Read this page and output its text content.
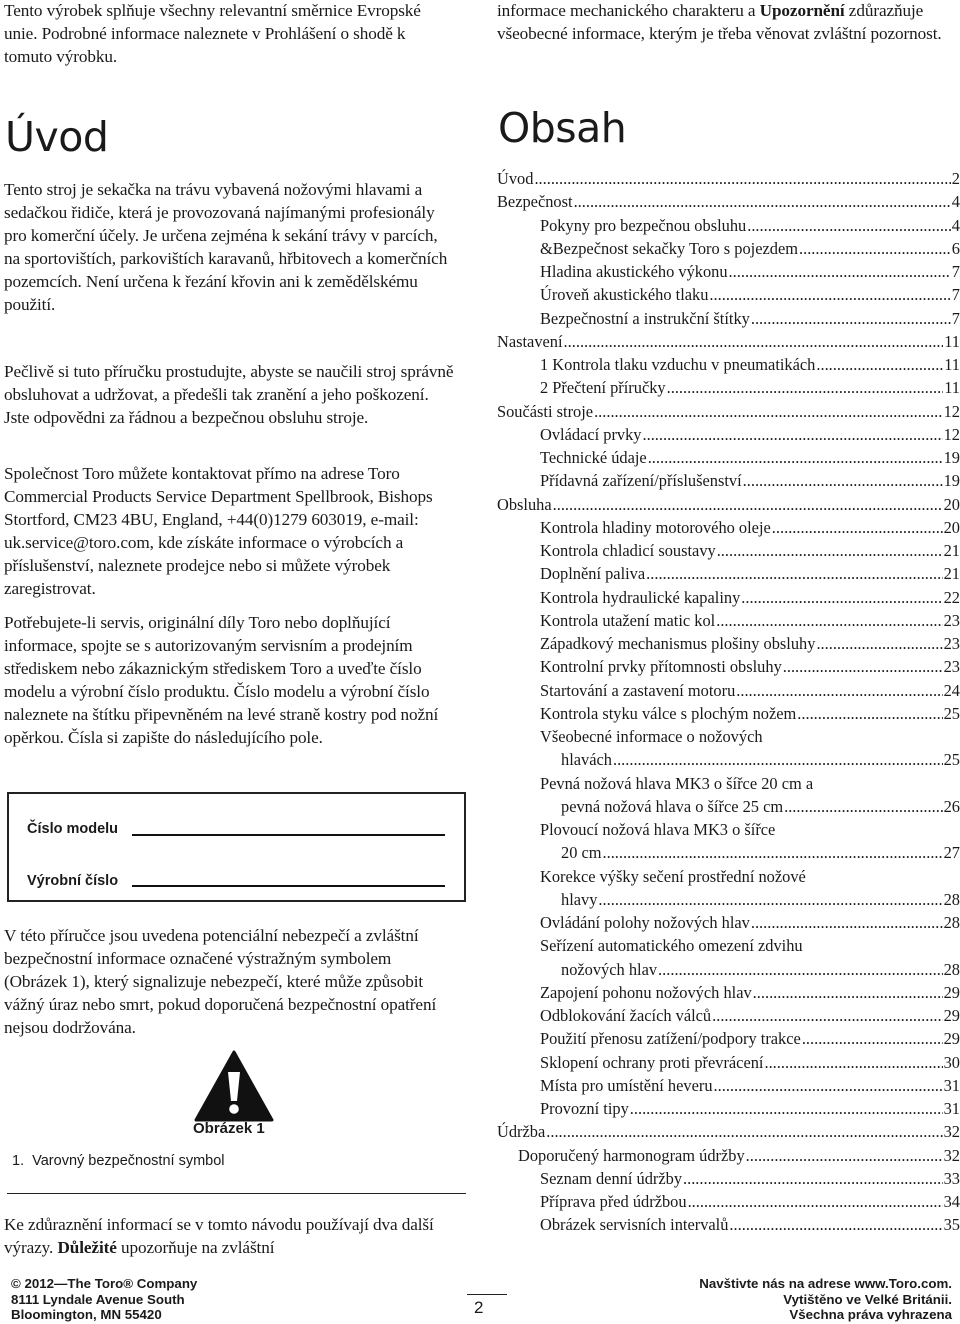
Tento výrobek splňuje všechny relevantní směrnice Evropské unie. Podrobné informace naleznete v Prohlášení o shodě k tomuto výrobku.

Úvod

Tento stroj je sekačka na trávu vybavená nožovými hlavami a sedačkou řidiče, která je provozovaná najímanými profesionály pro komerční účely. Je určena zejména k sekání trávy v parcích, na sportovištích, parkovištích karavanů, hřbitovech a komerčních pozemcích. Není určena k řezání křovin ani k zemědělskému použití.

Pečlivě si tuto příručku prostudujte, abyste se naučili stroj správně obsluhovat a udržovat, a předešli tak zranění a jeho poškození. Jste odpovědni za řádnou a bezpečnou obsluhu stroje.

Společnost Toro můžete kontaktovat přímo na adrese Toro Commercial Products Service Department Spellbrook, Bishops Stortford, CM23 4BU, England, +44(0)1279 603019, e-mail: uk.service@toro.com, kde získáte informace o výrobcích a příslušenství, naleznete prodejce nebo si můžete výrobek zaregistrovat.

Potřebujete-li servis, originální díly Toro nebo doplňující informace, spojte se s autorizovaným servisním a prodejním střediskem nebo zákaznickým střediskem Toro a uveďte číslo modelu a výrobní číslo produktu. Číslo modelu a výrobní číslo naleznete na štítku připevněném na levé straně kostry pod nožní opěrkou. Čísla si zapište do následujícího pole.

V této příručce jsou uvedena potenciální nebezpečí a zvláštní bezpečnostní informace označené výstražným symbolem (Obrázek 1), který signalizuje nebezpečí, které může způsobit vážný úraz nebo smrt, pokud doporučená bezpečnostní opatření nejsou dodržována.

Číslo modelu
Výrobní číslo
Obrázek 1
1.  Varovný bezpečnostní symbol

Ke zdůraznění informací se v tomto návodu používají dva další výrazy. Důležité upozorňuje na zvláštní

informace mechanického charakteru a Upozornění zdůrazňuje všeobecné informace, kterým je třeba věnovat zvláštní pozornost.

Obsah
Úvod .....	2
Bezpečnost .....	4
Pokyny pro bezpečnou obsluhu .....	4
&Bezpečnost sekačky Toro s pojezdem .....	6
Hladina akustického výkonu .....	7
Úroveň akustického tlaku .....	7
Bezpečnostní a instrukční štítky .....	7
Nastavení .....	11
1 Kontrola tlaku vzduchu v pneumatikách .....	11
2 Přečtení příručky .....	11
Součásti stroje .....	12
Ovládací prvky .....	12
Technické údaje .....	19
Přídavná zařízení/příslušenství .....	19
Obsluha .....	20
Kontrola hladiny motorového oleje .....	20
Kontrola chladicí soustavy .....	21
Doplnění paliva .....	21
Kontrola hydraulické kapaliny .....	22
Kontrola utažení matic kol .....	23
Západkový mechanismus plošiny obsluhy .....	23
Kontrolní prvky přítomnosti obsluhy .....	23
Startování a zastavení motoru .....	24
Kontrola styku válce s plochým nožem .....	25
Všeobecné informace o nožových
hlavách .....	25
Pevná nožová hlava MK3 o šířce 20 cm a
pevná nožová hlava o šířce 25 cm .....	26
Plovoucí nožová hlava MK3 o šířce
20 cm .....	27
Korekce výšky sečení prostřední nožové
hlavy .....	28
Ovládání polohy nožových hlav .....	28
Seřízení automatického omezení zdvihu
nožových hlav .....	28
Zapojení pohonu nožových hlav .....	29
Odblokování žacích válců .....	29
Použití přenosu zatížení/podpory trakce .....	29
Sklopení ochrany proti převrácení .....	30
Místa pro umístění heveru .....	31
Provozní tipy .....	31
Údržba .....	32
Doporučený harmonogram údržby .....	32
Seznam denní údržby .....	33
Příprava před údržbou .....	34
Obrázek servisních intervalů .....	35
© 2012—The Toro® Company
8111 Lyndale Avenue South
Bloomington, MN 55420	2
Navštivte nás na adrese www.Toro.com.
Vytištěno ve Velké Británii.
Všechna práva vyhrazena
